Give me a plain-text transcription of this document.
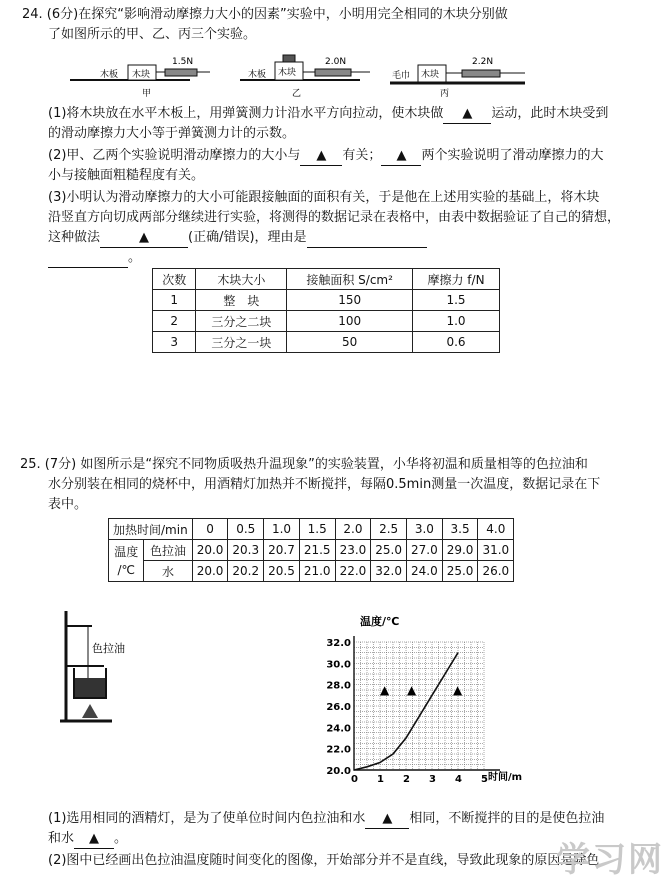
24. (6分)在探究“影响滑动摩擦力大小的因素”实验中，小明用完全相同的木块分别做
了如图所示的甲、乙、丙三个实验。
木块
木板
1.5N
甲
木块
木板
2.0N
乙
木块
毛巾
2.2N
丙
(1)将木块放在水平木板上，用弹簧测力计沿水平方向拉动，使木块做 ▲ 运动，此时木块受到
的滑动摩擦力大小等于弹簧测力计的示数。
(2)甲、乙两个实验说明滑动摩擦力的大小与 ▲ 有关； ▲ 两个实验说明了滑动摩擦力的大
小与接触面粗糙程度有关。
(3)小明认为滑动摩擦力的大小可能跟接触面的面积有关，于是他在上述用实验的基础上，将木块
沿竖直方向切成两部分继续进行实验，将测得的数据记录在表格中，由表中数据验证了自己的猜想，
这种做法	▲	(正确/错误)，理由是
。
次数	木块大小	接触面积 S/cm²	摩擦力 f/N
1	整　块	150	1.5
2	三分之二块	100	1.0
3	三分之一块	50	0.6
25. (7分) 如图所示是“探究不同物质吸热升温现象”的实验装置，小华将初温和质量相等的色拉油和
水分别装在相同的烧杯中，用酒精灯加热并不断搅拌，每隔0.5min测量一次温度，数据记录在下
表中。
加热时间/min		0	0.5	1.0	1.5	2.0	2.5	3.0	3.5	4.0
温度
/℃	色拉油	20.0	20.3	20.7	21.5	23.0	25.0	27.0	29.0	31.0
	水	20.0	20.2	20.5	21.0	22.0	32.0	24.0	25.0	26.0
色拉油
温度/℃
时间/m
20.0
22.0
24.0
26.0
28.0
30.0
32.0
0 1 2 3 4 5
▲ ▲	▲
(1)选用相同的酒精灯，是为了使单位时间内色拉油和水 ▲ 相同，不断搅拌的目的是使色拉油
和水 ▲ 。
(2)图中已经画出色拉油温度随时间变化的图像，开始部分并不是直线，导致此现象的原因是除色
学习网
